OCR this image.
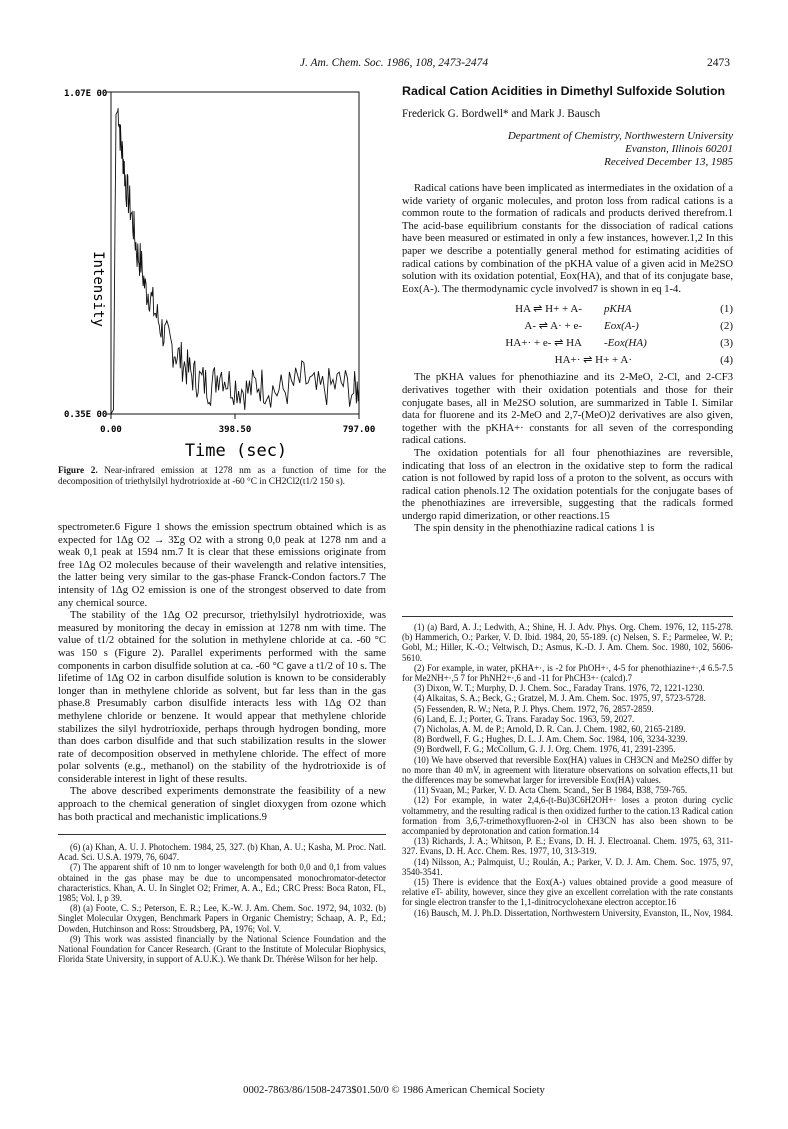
J. Am. Chem. Soc. 1986, 108, 2473-2474	2473
1.07E 00
0.35E 00
Intensity
0.00	398.50	797.00
Time (sec)
Figure 2. Near-infrared emission at 1278 nm as a function of time for the decomposition of triethylsilyl hydrotrioxide at -60 °C in CH2Cl2(t1/2 150 s).

spectrometer.6 Figure 1 shows the emission spectrum obtained which is as expected for 1Δg O2 → 3Σg O2 with a strong 0,0 peak at 1278 nm and a weak 0,1 peak at 1594 nm.7 It is clear that these emissions originate from free 1Δg O2 molecules because of their wavelength and relative intensities, the latter being very similar to the gas-phase Franck-Condon factors.7 The intensity of 1Δg O2 emission is one of the strongest observed to date from any chemical source.

The stability of the 1Δg O2 precursor, triethylsilyl hydrotrioxide, was measured by monitoring the decay in emission at 1278 nm with time. The value of t1/2 obtained for the solution in methylene chloride at ca. -60 °C was 150 s (Figure 2). Parallel experiments performed with the same components in carbon disulfide solution at ca. -60 °C gave a t1/2 of 10 s. The lifetime of 1Δg O2 in carbon disulfide solution is known to be considerably longer than in methylene chloride as solvent, but far less than in the gas phase.8 Presumably carbon disulfide interacts less with 1Δg O2 than methylene chloride or benzene. It would appear that methylene chloride stabilizes the silyl hydrotrioxide, perhaps through hydrogen bonding, more than does carbon disulfide and that such stabilization results in the slower rate of decomposition observed in methylene chloride. The effect of more polar solvents (e.g., methanol) on the stability of the hydrotrioxide is of considerable interest in light of these results.

The above described experiments demonstrate the feasibility of a new approach to the chemical generation of singlet dioxygen from ozone which has both practical and mechanistic implications.9

(6) (a) Khan, A. U. J. Photochem. 1984, 25, 327. (b) Khan, A. U.; Kasha, M. Proc. Natl. Acad. Sci. U.S.A. 1979, 76, 6047.

(7) The apparent shift of 10 nm to longer wavelength for both 0,0 and 0,1 from values obtained in the gas phase may be due to uncompensated monochromator-detector characteristics. Khan, A. U. In Singlet O2; Frimer, A. A., Ed.; CRC Press: Boca Raton, FL, 1985; Vol. I, p 39.

(8) (a) Foote, C. S.; Peterson, E. R.; Lee, K.-W. J. Am. Chem. Soc. 1972, 94, 1032. (b) Singlet Molecular Oxygen, Benchmark Papers in Organic Chemistry; Schaap, A. P., Ed.; Dowden, Hutchinson and Ross: Stroudsberg, PA, 1976; Vol. V.

(9) This work was assisted financially by the National Science Foundation and the National Foundation for Cancer Research. (Grant to the Institute of Molecular Biophysics, Florida State University, in support of A.U.K.). We thank Dr. Thérèse Wilson for her help.

Radical Cation Acidities in Dimethyl Sulfoxide Solution
Frederick G. Bordwell* and Mark J. Bausch
Department of Chemistry, Northwestern University
Evanston, Illinois 60201
Received December 13, 1985

Radical cations have been implicated as intermediates in the oxidation of a wide variety of organic molecules, and proton loss from radical cations is a common route to the formation of radicals and products derived therefrom.1 The acid-base equilibrium constants for the dissociation of radical cations have been measured or estimated in only a few instances, however.1,2 In this paper we describe a potentially general method for estimating acidities of radical cations by combination of the pKHA value of a given acid in Me2SO solution with its oxidation potential, Eox(HA), and that of its conjugate base, Eox(A-). The thermodynamic cycle involved7 is shown in eq 1-4.

HA ⇌ H+ + A-	pKHA	(1)
A- ⇌ A· + e-	Eox(A-)	(2)
HA+· + e- ⇌ HA	-Eox(HA)	(3)
HA+· ⇌ H+ + A·	(4)

The pKHA values for phenothiazine and its 2-MeO, 2-Cl, and 2-CF3 derivatives together with their oxidation potentials and those for their conjugate bases, all in Me2SO solution, are summarized in Table I. Similar data for fluorene and its 2-MeO and 2,7-(MeO)2 derivatives are also given, together with the pKHA+· constants for all seven of the corresponding radical cations.

The oxidation potentials for all four phenothiazines are reversible, indicating that loss of an electron in the oxidative step to form the radical cation is not followed by rapid loss of a proton to the solvent, as occurs with radical cation phenols.12 The oxidation potentials for the conjugate bases of the phenothiazines are irreversible, suggesting that the radicals formed undergo rapid dimerization, or other reactions.15

The spin density in the phenothiazine radical cations 1 is

(1) (a) Bard, A. J.; Ledwith, A.; Shine, H. J. Adv. Phys. Org. Chem. 1976, 12, 115-278. (b) Hammerich, O.; Parker, V. D. Ibid. 1984, 20, 55-189. (c) Nelsen, S. F.; Parmelee, W. P.; Gobl, M.; Hiller, K.-O.; Veltwisch, D.; Asmus, K.-D. J. Am. Chem. Soc. 1980, 102, 5606-5610.

(2) For example, in water, pKHA+·, is -2 for PhOH+·, 4-5 for phenothiazine+·,4 6.5-7.5 for Me2NH+·,5 7 for PhNH2+·,6 and -11 for PhCH3+· (calcd).7

(3) Dixon, W. T.; Murphy, D. J. Chem. Soc., Faraday Trans. 1976, 72, 1221-1230.

(4) Alkaitas, S. A.; Beck, G.; Gratzel, M. J. Am. Chem. Soc. 1975, 97, 5723-5728.

(5) Fessenden, R. W.; Neta, P. J. Phys. Chem. 1972, 76, 2857-2859.

(6) Land, E. J.; Porter, G. Trans. Faraday Soc. 1963, 59, 2027.

(7) Nicholas, A. M. de P.; Arnold, D. R. Can. J. Chem. 1982, 60, 2165-2189.

(8) Bordwell, F. G.; Hughes, D. L. J. Am. Chem. Soc. 1984, 106, 3234-3239.

(9) Bordwell, F. G.; McCollum, G. J. J. Org. Chem. 1976, 41, 2391-2395.

(10) We have observed that reversible Eox(HA) values in CH3CN and Me2SO differ by no more than 40 mV, in agreement with literature observations on solvation effects,11 but the differences may be somewhat larger for irreversible Eox(HA) values.

(11) Svaan, M.; Parker, V. D. Acta Chem. Scand., Ser B 1984, B38, 759-765.

(12) For example, in water 2,4,6-(t-Bu)3C6H2OH+· loses a proton during cyclic voltammetry, and the resulting radical is then oxidized further to the cation.13 Radical cation formation from 3,6,7-trimethoxyfluoren-2-ol in CH3CN has also been shown to be accompanied by deprotonation and cation formation.14

(13) Richards, J. A.; Whitson, P. E.; Evans, D. H. J. Electroanal. Chem. 1975, 63, 311-327. Evans, D. H. Acc. Chem. Res. 1977, 10, 313-319.

(14) Nilsson, A.; Palmquist, U.; Roulán, A.; Parker, V. D. J. Am. Chem. Soc. 1975, 97, 3540-3541.

(15) There is evidence that the Eox(A-) values obtained provide a good measure of relative eT- ability, however, since they give an excellent correlation with the rate constants for single electron transfer to the 1,1-dinitrocyclohexane electron acceptor.16

(16) Bausch, M. J. Ph.D. Dissertation, Northwestern University, Evanston, IL, Nov, 1984.

0002-7863/86/1508-2473$01.50/0 © 1986 American Chemical Society
